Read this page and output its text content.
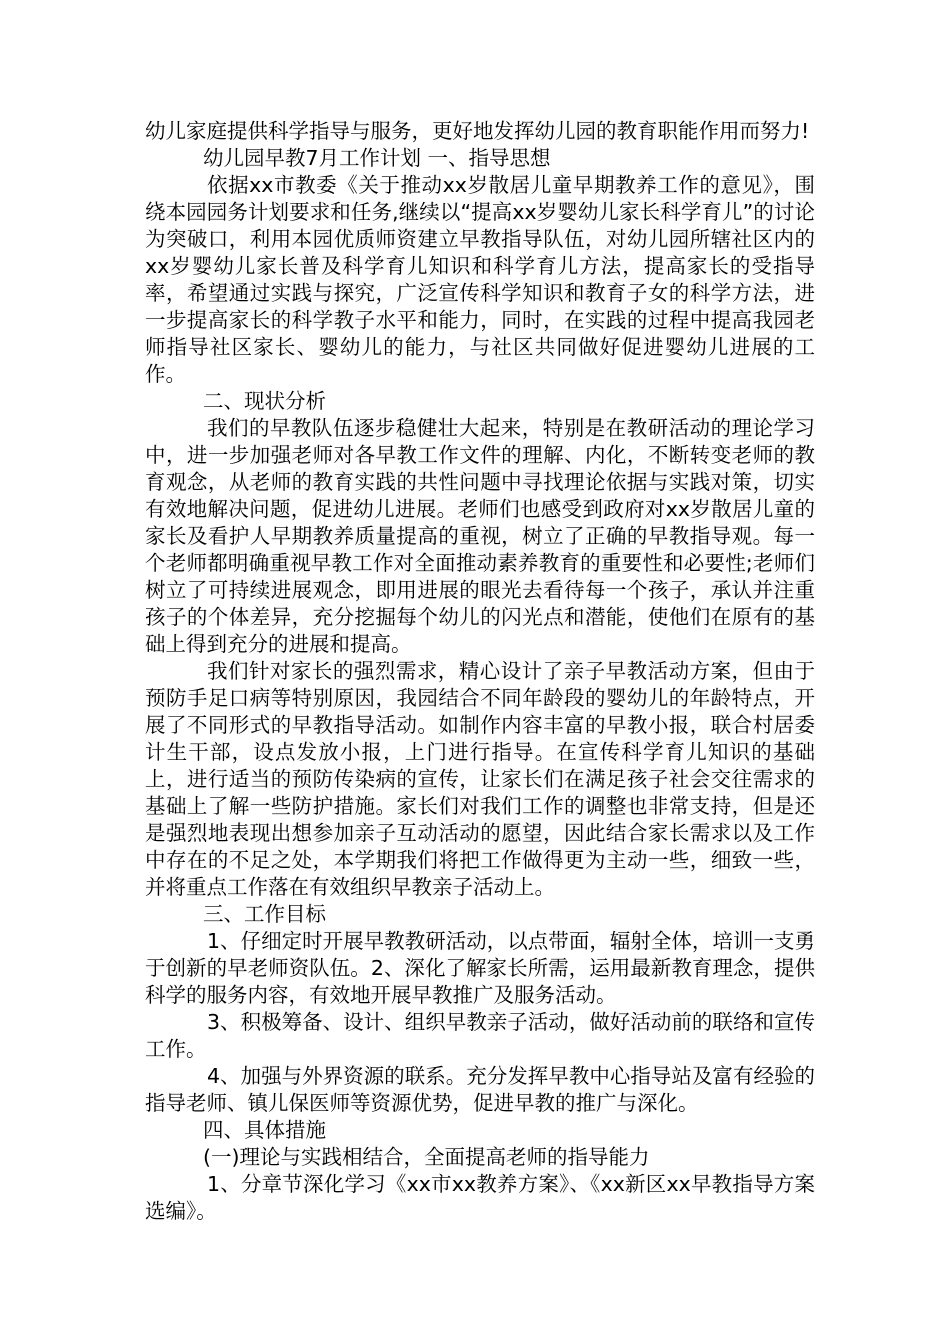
幼儿家庭提供科学指导与服务，更好地发挥幼儿园的教育职能作用而努力!

幼儿园早教7月工作计划 一、指导思想

依据xx市教委《关于推动xx岁散居儿童早期教养工作的意见》，围绕本园园务计划要求和任务,继续以“提高xx岁婴幼儿家长科学育儿”的讨论为突破口，利用本园优质师资建立早教指导队伍，对幼儿园所辖社区内的xx岁婴幼儿家长普及科学育儿知识和科学育儿方法，提高家长的受指导率，希望通过实践与探究，广泛宣传科学知识和教育子女的科学方法，进一步提高家长的科学教子水平和能力，同时，在实践的过程中提高我园老师指导社区家长、婴幼儿的能力，与社区共同做好促进婴幼儿进展的工作。

二、现状分析

我们的早教队伍逐步稳健壮大起来，特别是在教研活动的理论学习中，进一步加强老师对各早教工作文件的理解、内化，不断转变老师的教育观念，从老师的教育实践的共性问题中寻找理论依据与实践对策，切实有效地解决问题，促进幼儿进展。老师们也感受到政府对xx岁散居儿童的家长及看护人早期教养质量提高的重视，树立了正确的早教指导观。每一个老师都明确重视早教工作对全面推动素养教育的重要性和必要性;老师们树立了可持续进展观念，即用进展的眼光去看待每一个孩子，承认并注重孩子的个体差异，充分挖掘每个幼儿的闪光点和潜能，使他们在原有的基础上得到充分的进展和提高。

我们针对家长的强烈需求，精心设计了亲子早教活动方案，但由于预防手足口病等特别原因，我园结合不同年龄段的婴幼儿的年龄特点，开展了不同形式的早教指导活动。如制作内容丰富的早教小报，联合村居委计生干部，设点发放小报，上门进行指导。在宣传科学育儿知识的基础上，进行适当的预防传染病的宣传，让家长们在满足孩子社会交往需求的基础上了解一些防护措施。家长们对我们工作的调整也非常支持，但是还是强烈地表现出想参加亲子互动活动的愿望，因此结合家长需求以及工作中存在的不足之处，本学期我们将把工作做得更为主动一些，细致一些，并将重点工作落在有效组织早教亲子活动上。

三、工作目标

1、仔细定时开展早教教研活动，以点带面，辐射全体，培训一支勇于创新的早老师资队伍。2、深化了解家长所需，运用最新教育理念，提供科学的服务内容，有效地开展早教推广及服务活动。

3、积极筹备、设计、组织早教亲子活动，做好活动前的联络和宣传工作。

4、加强与外界资源的联系。充分发挥早教中心指导站及富有经验的指导老师、镇儿保医师等资源优势，促进早教的推广与深化。

四、具体措施

(一)理论与实践相结合，全面提高老师的指导能力

1、分章节深化学习《xx市xx教养方案》、《xx新区xx早教指导方案选编》。
